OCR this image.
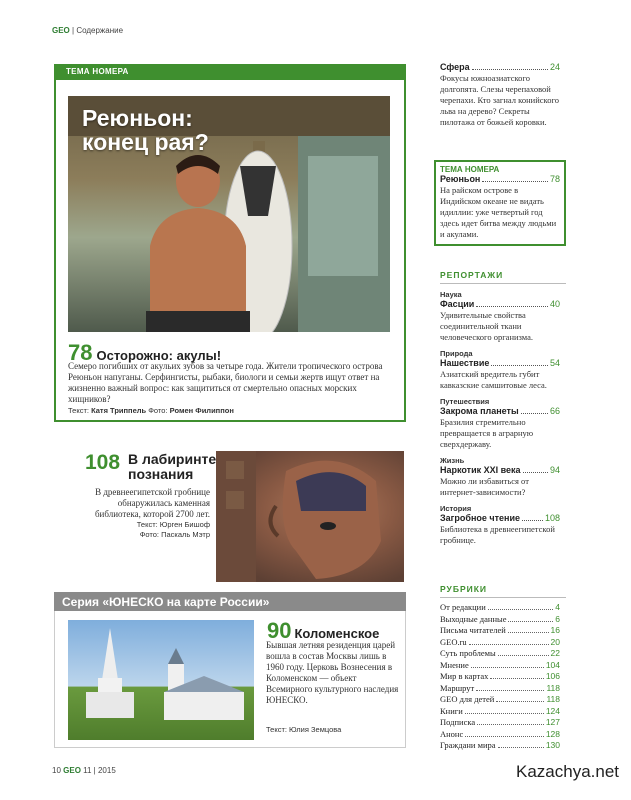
GEO | Содержание
ТЕМА НОМЕРА
Реюньон:
конец рая?
78 Осторожно: акулы!
Семеро погибших от акульих зубов за четыре года. Жители тропического острова Реюньон напуганы. Серфингисты, рыбаки, биологи и семьи жертв ищут ответ на жизненно важный вопрос: как защититься от смертельно опасных морских хищников?
Текст: Катя Триппель Фото: Ромен Филиппон
108 В лабиринте
познания
В древнеегипетской гробнице обнаружилась каменная библиотека, которой 2700 лет.
Текст: Юрген Бишоф
Фото: Паскаль Мэтр
Серия «ЮНЕСКО на карте России»
90 Коломенское
Бывшая летняя резиденция царей вошла в состав Москвы лишь в 1960 году. Церковь Вознесения в Коломенском — объект Всемирного культурного наследия ЮНЕСКО.
Текст: Юлия Земцова
Сфера	24
Фокусы южноазиатского долгопята. Слезы черепаховой черепахи. Кто загнал конийского льва на дерево? Секреты пилотажа от божьей коровки.
ТЕМА НОМЕРА
Реюньон	78
На райском острове в Индийском океане не видать идиллии: уже четвертый год здесь идет битва между людьми и акулами.
РЕПОРТАЖИ
Наука
Фасции	40
Удивительные свойства соединительной ткани человеческого организма.
Природа
Нашествие	54
Азиатский вредитель губит кавказские самшитовые леса.
Путешествия
Закрома планеты	66
Бразилия стремительно превращается в аграрную сверхдержаву.
Жизнь
Наркотик XXI века	94
Можно ли избавиться от интернет-зависимости?
История
Загробное чтение	108
Библиотека в древнеегипетской гробнице.
РУБРИКИ
От редакции	4
Выходные данные	6
Письма читателей	16
GEO.ru	20
Суть проблемы	22
Мнение	104
Мир в картах	106
Маршрут	118
GEO для детей	118
Книги	124
Подписка	127
Анонс	128
Граждани мира	130
10 GEO 11 | 2015	Kazachya.net
